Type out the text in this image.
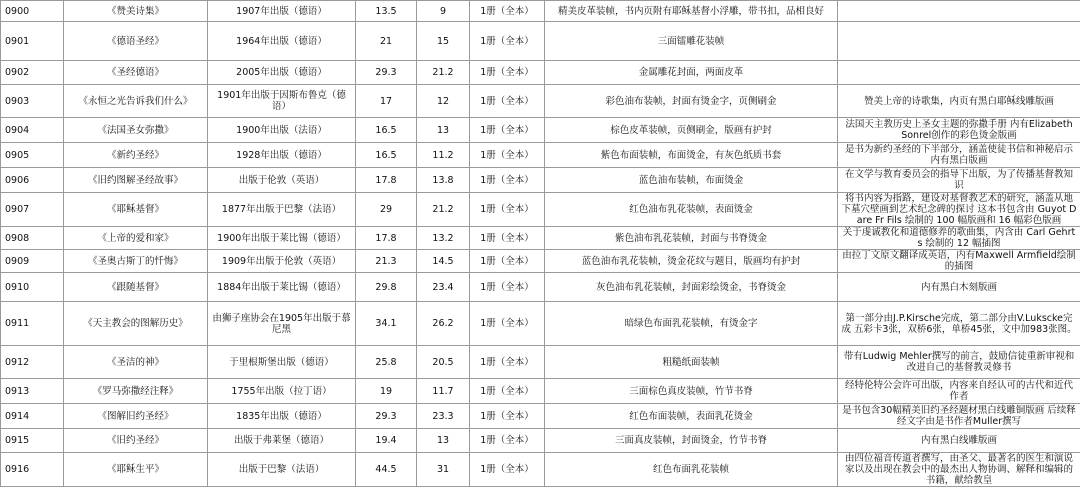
0900	《赞美诗集》	1907年出版（德语）	13.5	9	1册（全本）	精美皮革装帧，书内页附有耶稣基督小浮雕，带书扣，品相良好	
0901	《德语圣经》	1964年出版（德语）	21	15	1册（全本）	三面镭雕花装帧	
0902	《圣经德语》	2005年出版（德语）	29.3	21.2	1册（全本）	金属雕花封面，两面皮革	
0903	《永恒之光告诉我们什么》	1901年出版于因斯布鲁克（德语）	17	12	1册（全本）	彩色油布装帧，封面有烫金字，页侧刷金	赞美上帝的诗歌集，内页有黑白耶稣线雕版画
0904	《法国圣女弥撒》	1900年出版（法语）	16.5	13	1册（全本）	棕色皮革装帧，页侧刷金，版画有护封	法国天主教历史上圣女主题的弥撒手册 内有Elizabeth Sonrel创作的彩色烫金版画
0905	《新约圣经》	1928年出版（德语）	16.5	11.2	1册（全本）	紫色布面装帧，布面烫金，有灰色纸质书套	是书为新约圣经的下半部分，涵盖使徒书信和神秘启示 内有黑白版画
0906	《旧约图解圣经故事》	出版于伦敦（英语）	17.8	13.8	1册（全本）	蓝色油布装帧，布面烫金	在文学与教育委员会的指导下出版，为了传播基督教知识
0907	《耶稣基督》	1877年出版于巴黎（法语）	29	21.2	1册（全本）	红色油布乳花装帧，表面烫金	将书内容为指路，建设对基督教艺术的研究，涵盖从地下墓穴壁画到艺术纪念碑的探讨 这本书包含由 Guyot Dare Fr Fils 绘制的 100 幅版画和 16 幅彩色版画
0908	《上帝的爱和家》	1900年出版于莱比锡（德语）	17.8	13.2	1册（全本）	紫色油布乳花装帧，封面与书脊烫金	关于虔诚教化和道德修养的歌曲集，内含由 Carl Gehrts 绘制的 12 幅插图
0909	《圣奥古斯丁的忏悔》	1909年出版于伦敦（英语）	21.3	14.5	1册（全本）	蓝色油布乳花装帧，烫金花纹与题目，版画均有护封	由拉丁文原文翻译成英语，内有Maxwell Armfield绘制的插图
0910	《跟随基督》	1884年出版于莱比锡（德语）	29.8	23.4	1册（全本）	灰色油布乳花装帧，封面彩绘烫金，书脊烫金	内有黑白木刻版画
0911	《天主教会的图解历史》	由狮子座协会在1905年出版于慕尼黑	34.1	26.2	1册（全本）	暗绿色布面乳花装帧，有烫金字	第一部分由J.P.Kirsche完成，第二部分由V.Lukscke完成 五彩卡3张，双桥6张，单桥45张，文中加983张图。
0912	《圣洁的神》	于里根斯堡出版（德语）	25.8	20.5	1册（全本）	粗糙纸面装帧	带有Ludwig Mehler撰写的前言，鼓励信徒重新审视和改进自己的基督教灵修书
0913	《罗马弥撒经注释》	1755年出版（拉丁语）	19	11.7	1册（全本）	三面棕色真皮装帧，竹节书脊	经特伦特公会许可出版，内容来自经认可的古代和近代作者
0914	《图解旧约圣经》	1835年出版（德语）	29.3	23.3	1册（全本）	红色布面装帧，表面乳花烫金	是书包含30幅精美旧约圣经题材黑白线雕铜版画 后续释经文字由是书作者Muller撰写
0915	《旧约圣经》	出版于弗莱堡（德语）	19.4	13	1册（全本）	三面真皮装帧，封面烫金，竹节书脊	内有黑白线雕版画
0916	《耶稣生平》	出版于巴黎（法语）	44.5	31	1册（全本）	红色布面乳花装帧	由四位福音传道者撰写，由圣父、最著名的医生和演说家以及出现在教会中的最杰出人物协调、解释和编辑的书籍，献给教皇
